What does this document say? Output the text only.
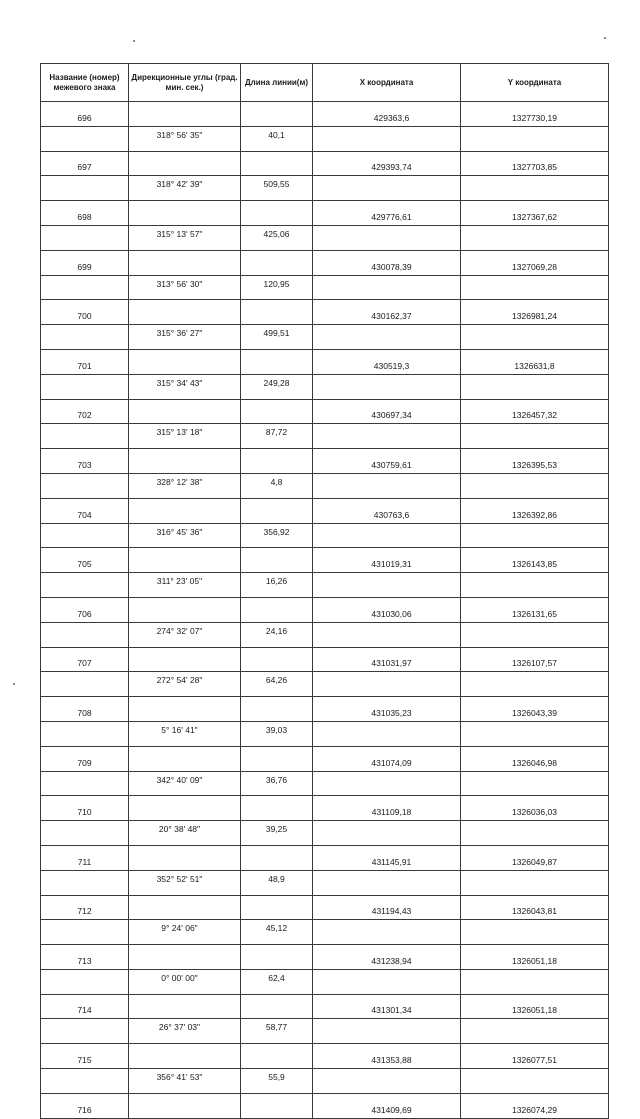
Название (номер) межевого знака	Дирекционные углы (град. мин. сек.)	Длина линии(м)	X координата	Y координата
696			429363,6	1327730,19
	318° 56' 35"	40,1		
697			429393,74	1327703,85
	318° 42' 39"	509,55		
698			429776,61	1327367,62
	315° 13' 57"	425,06		
699			430078,39	1327069,28
	313° 56' 30"	120,95		
700			430162,37	1326981,24
	315° 36' 27"	499,51		
701			430519,3	1326631,8
	315° 34' 43"	249,28		
702			430697,34	1326457,32
	315° 13' 18"	87,72		
703			430759,61	1326395,53
	328° 12' 38"	4,8		
704			430763,6	1326392,86
	316° 45' 36"	356,92		
705			431019,31	1326143,85
	311° 23' 05"	16,26		
706			431030,06	1326131,65
	274° 32' 07"	24,16		
707			431031,97	1326107,57
	272° 54' 28"	64,26		
708			431035,23	1326043,39
	5° 16' 41"	39,03		
709			431074,09	1326046,98
	342° 40' 09"	36,76		
710			431109,18	1326036,03
	20° 38' 48"	39,25		
711			431145,91	1326049,87
	352° 52' 51"	48,9		
712			431194,43	1326043,81
	9° 24' 06"	45,12		
713			431238,94	1326051,18
	0° 00' 00"	62,4		
714			431301,34	1326051,18
	26° 37' 03"	58,77		
715			431353,88	1326077,51
	356° 41' 53"	55,9		
716			431409,69	1326074,29
